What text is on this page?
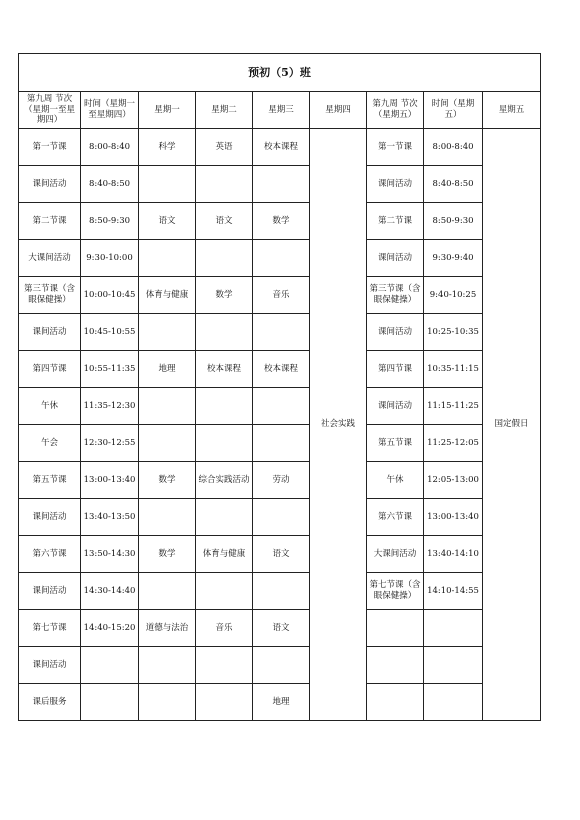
预初（5）班								
第九周 节次（星期一至星期四）	时间（星期一至星期四）	星期一	星期二	星期三	星期四	第九周 节次（星期五）	时间（星期五）	星期五
第一节课	8:00-8:40	科学	英语	校本课程	社会实践	第一节课	8:00-8:40	国定假日
课间活动	8:40-8:50					课间活动	8:40-8:50	
第二节课	8:50-9:30	语文	语文	数学		第二节课	8:50-9:30	
大课间活动	9:30-10:00					课间活动	9:30-9:40	
第三节课（含眼保健操）	10:00-10:45	体育与健康	数学	音乐		第三节课（含眼保健操）	9:40-10:25	
课间活动	10:45-10:55					课间活动	10:25-10:35	
第四节课	10:55-11:35	地理	校本课程	校本课程		第四节课	10:35-11:15	
午休	11:35-12:30					课间活动	11:15-11:25	
午会	12:30-12:55					第五节课	11:25-12:05	
第五节课	13:00-13:40	数学	综合实践活动	劳动		午休	12:05-13:00	
课间活动	13:40-13:50					第六节课	13:00-13:40	
第六节课	13:50-14:30	数学	体育与健康	语文		大课间活动	13:40-14:10	
课间活动	14:30-14:40					第七节课（含眼保健操）	14:10-14:55	
第七节课	14:40-15:20	道德与法治	音乐	语文				
课间活动								
课后服务				地理				
